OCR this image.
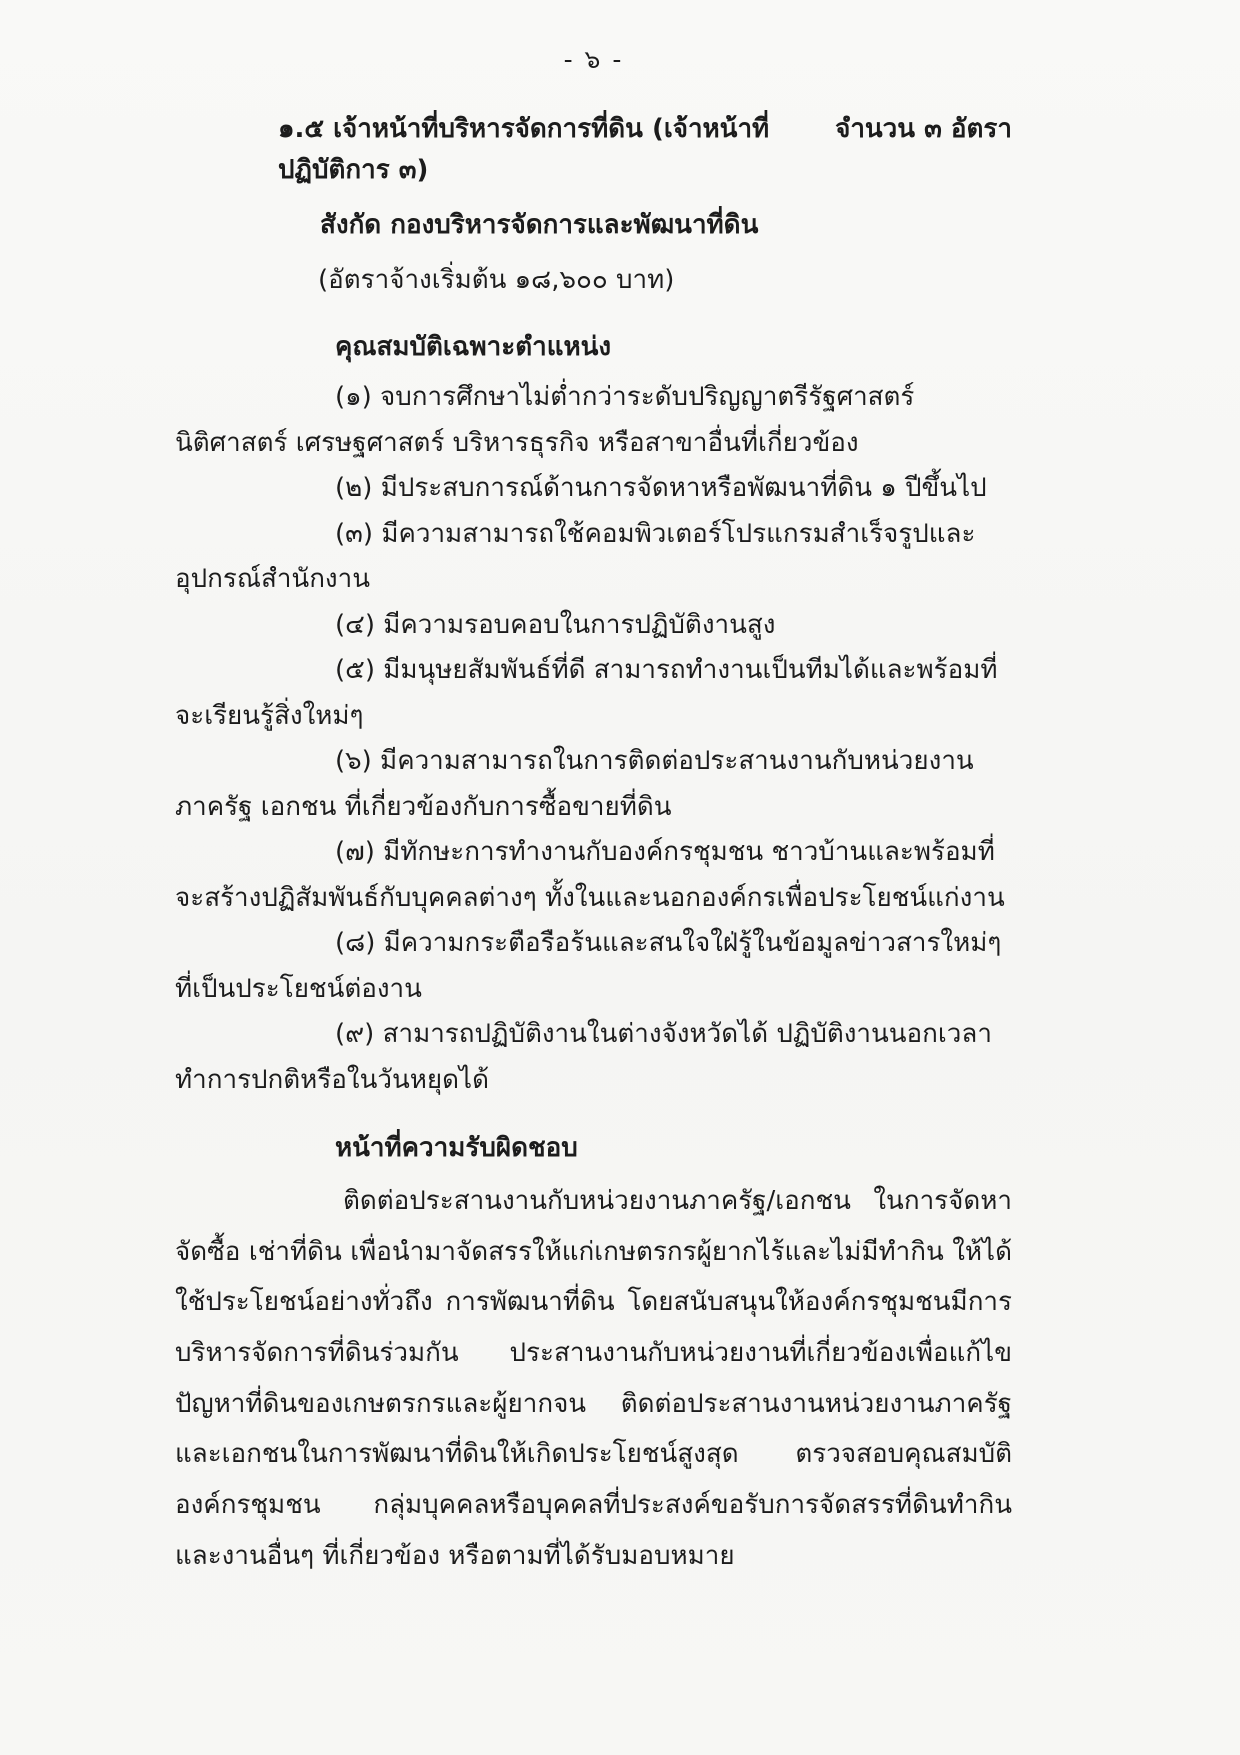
- ๖ -
๑.๕ เจ้าหน้าที่บริหารจัดการที่ดิน (เจ้าหน้าที่ปฏิบัติการ ๓)
จำนวน ๓ อัตรา
สังกัด กองบริหารจัดการและพัฒนาที่ดิน
(อัตราจ้างเริ่มต้น ๑๘,๖๐๐ บาท)
คุณสมบัติเฉพาะตำแหน่ง

(๑) จบการศึกษาไม่ต่ำกว่าระดับปริญญาตรีรัฐศาสตร์ นิติศาสตร์ เศรษฐศาสตร์ บริหารธุรกิจ หรือสาขาอื่นที่เกี่ยวข้อง

(๒) มีประสบการณ์ด้านการจัดหาหรือพัฒนาที่ดิน ๑ ปีขึ้นไป

(๓) มีความสามารถใช้คอมพิวเตอร์โปรแกรมสำเร็จรูปและอุปกรณ์สำนักงาน

(๔) มีความรอบคอบในการปฏิบัติงานสูง

(๕) มีมนุษยสัมพันธ์ที่ดี สามารถทำงานเป็นทีมได้และพร้อมที่จะเรียนรู้สิ่งใหม่ๆ

(๖) มีความสามารถในการติดต่อประสานงานกับหน่วยงานภาครัฐ เอกชน ที่เกี่ยวข้องกับการซื้อขายที่ดิน

(๗) มีทักษะการทำงานกับองค์กรชุมชน ชาวบ้านและพร้อมที่จะสร้างปฏิสัมพันธ์กับบุคคลต่างๆ ทั้งในและนอกองค์กรเพื่อประโยชน์แก่งาน

(๘) มีความกระตือรือร้นและสนใจใฝ่รู้ในข้อมูลข่าวสารใหม่ๆ ที่เป็นประโยชน์ต่องาน

(๙) สามารถปฏิบัติงานในต่างจังหวัดได้ ปฏิบัติงานนอกเวลาทำการปกติหรือในวันหยุดได้

หน้าที่ความรับผิดชอบ

ติดต่อประสานงานกับหน่วยงานภาครัฐ/เอกชน ในการจัดหา จัดซื้อ เช่าที่ดิน เพื่อนำมาจัดสรรให้แก่เกษตรกรผู้ยากไร้และไม่มีทำกิน ให้ได้ใช้ประโยชน์อย่างทั่วถึง การพัฒนาที่ดิน โดยสนับสนุนให้องค์กรชุมชนมีการบริหารจัดการที่ดินร่วมกัน ประสานงานกับหน่วยงานที่เกี่ยวข้องเพื่อแก้ไขปัญหาที่ดินของเกษตรกรและผู้ยากจน ติดต่อประสานงานหน่วยงานภาครัฐ และเอกชนในการพัฒนาที่ดินให้เกิดประโยชน์สูงสุด ตรวจสอบคุณสมบัติองค์กรชุมชน กลุ่มบุคคลหรือบุคคลที่ประสงค์ขอรับการจัดสรรที่ดินทำกิน และงานอื่นๆ ที่เกี่ยวข้อง หรือตามที่ได้รับมอบหมาย
